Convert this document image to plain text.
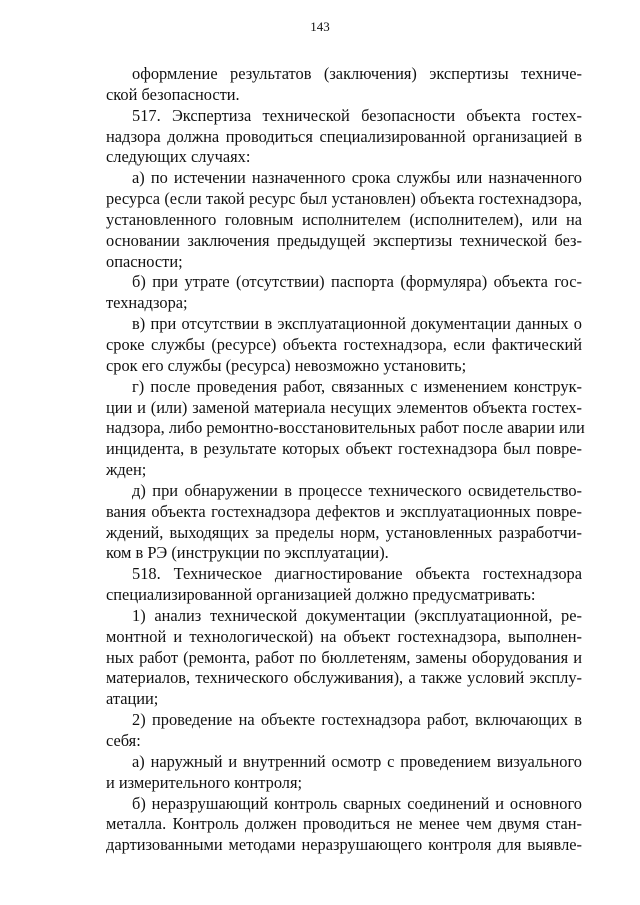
143
оформление результатов (заключения) экспертизы техниче-
ской безопасности.
517. Экспертиза технической безопасности объекта гостех-
надзора должна проводиться специализированной организацией в
следующих случаях:
а) по истечении назначенного срока службы или назначенного
ресурса (если такой ресурс был установлен) объекта гостехнадзора,
установленного головным исполнителем (исполнителем), или на
основании заключения предыдущей экспертизы технической без-
опасности;
б) при утрате (отсутствии) паспорта (формуляра) объекта гос-
технадзора;
в) при отсутствии в эксплуатационной документации данных о
сроке службы (ресурсе) объекта гостехнадзора, если фактический
срок его службы (ресурса) невозможно установить;
г) после проведения работ, связанных с изменением конструк-
ции и (или) заменой материала несущих элементов объекта гостех-
надзора, либо ремонтно-восстановительных работ после аварии или
инцидента, в результате которых объект гостехнадзора был повре-
жден;
д) при обнаружении в процессе технического освидетельство-
вания объекта гостехнадзора дефектов и эксплуатационных повре-
ждений, выходящих за пределы норм, установленных разработчи-
ком в РЭ (инструкции по эксплуатации).
518. Техническое диагностирование объекта гостехнадзора
специализированной организацией должно предусматривать:
1) анализ технической документации (эксплуатационной, ре-
монтной и технологической) на объект гостехнадзора, выполнен-
ных работ (ремонта, работ по бюллетеням, замены оборудования и
материалов, технического обслуживания), а также условий эксплу-
атации;
2) проведение на объекте гостехнадзора работ, включающих в
себя:
а) наружный и внутренний осмотр с проведением визуального
и измерительного контроля;
б) неразрушающий контроль сварных соединений и основного
металла. Контроль должен проводиться не менее чем двумя стан-
дартизованными методами неразрушающего контроля для выявле-
